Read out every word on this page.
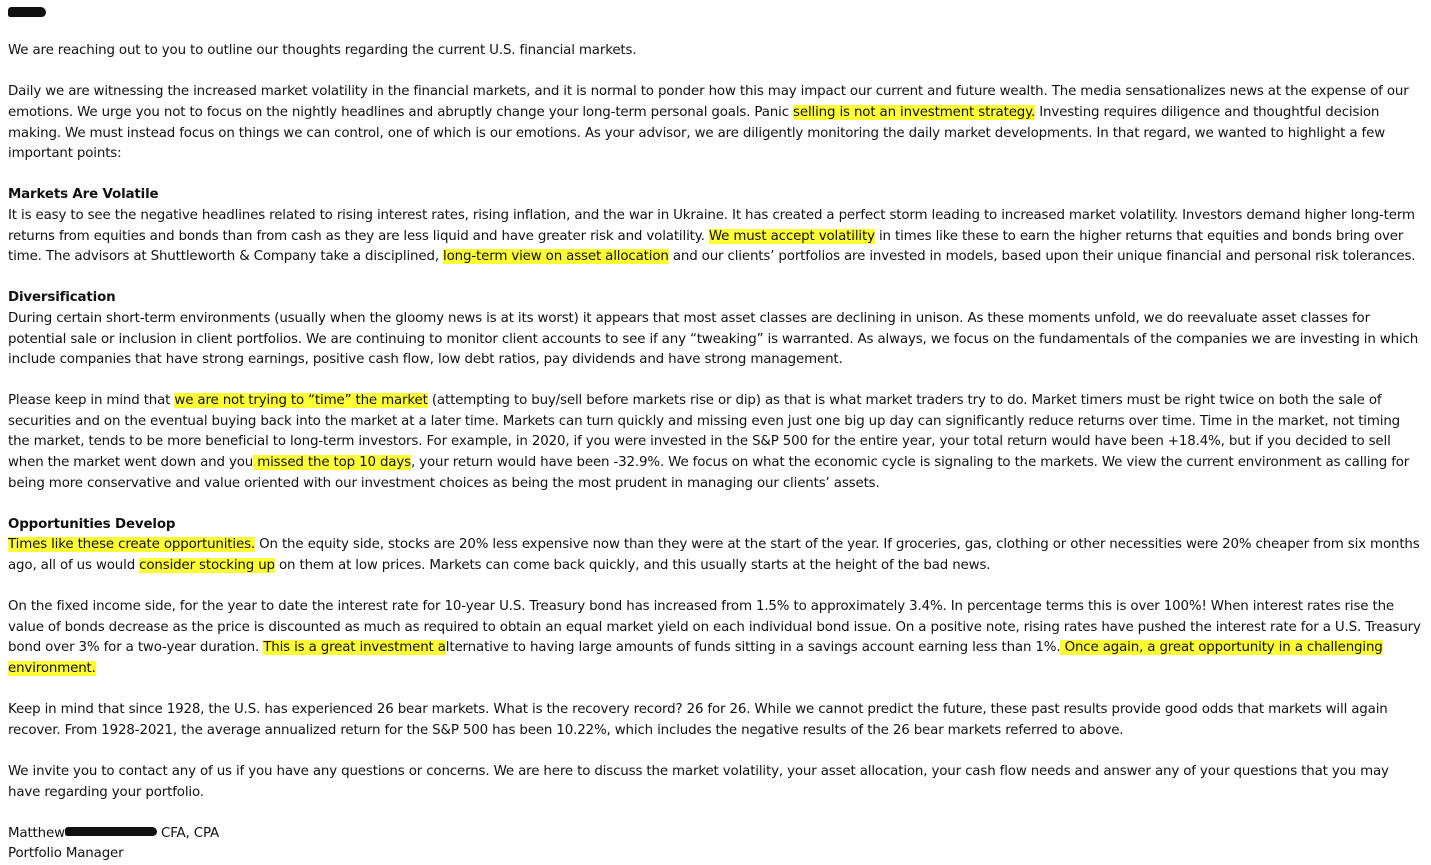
We are reaching out to you to outline our thoughts regarding the current U.S. financial markets.

Daily we are witnessing the increased market volatility in the financial markets, and it is normal to ponder how this may impact our current and future wealth. The media sensationalizes news at the expense of our emotions. We urge you not to focus on the nightly headlines and abruptly change your long-term personal goals. Panic selling is not an investment strategy. Investing requires diligence and thoughtful decision making. We must instead focus on things we can control, one of which is our emotions. As your advisor, we are diligently monitoring the daily market developments. In that regard, we wanted to highlight a few important points:

Markets Are Volatile

It is easy to see the negative headlines related to rising interest rates, rising inflation, and the war in Ukraine. It has created a perfect storm leading to increased market volatility. Investors demand higher long-term returns from equities and bonds than from cash as they are less liquid and have greater risk and volatility. We must accept volatility in times like these to earn the higher returns that equities and bonds bring over time. The advisors at Shuttleworth & Company take a disciplined, long-term view on asset allocation and our clients’ portfolios are invested in models, based upon their unique financial and personal risk tolerances.

Diversification

During certain short-term environments (usually when the gloomy news is at its worst) it appears that most asset classes are declining in unison. As these moments unfold, we do reevaluate asset classes for potential sale or inclusion in client portfolios. We are continuing to monitor client accounts to see if any “tweaking” is warranted. As always, we focus on the fundamentals of the companies we are investing in which include companies that have strong earnings, positive cash flow, low debt ratios, pay dividends and have strong management.

Please keep in mind that we are not trying to “time” the market (attempting to buy/sell before markets rise or dip) as that is what market traders try to do. Market timers must be right twice on both the sale of securities and on the eventual buying back into the market at a later time. Markets can turn quickly and missing even just one big up day can significantly reduce returns over time. Time in the market, not timing the market, tends to be more beneficial to long-term investors. For example, in 2020, if you were invested in the S&P 500 for the entire year, your total return would have been +18.4%, but if you decided to sell when the market went down and you missed the top 10 days, your return would have been -32.9%. We focus on what the economic cycle is signaling to the markets. We view the current environment as calling for being more conservative and value oriented with our investment choices as being the most prudent in managing our clients’ assets.

Opportunities Develop

Times like these create opportunities. On the equity side, stocks are 20% less expensive now than they were at the start of the year. If groceries, gas, clothing or other necessities were 20% cheaper from six months ago, all of us would consider stocking up on them at low prices. Markets can come back quickly, and this usually starts at the height of the bad news.

On the fixed income side, for the year to date the interest rate for 10-year U.S. Treasury bond has increased from 1.5% to approximately 3.4%. In percentage terms this is over 100%! When interest rates rise the value of bonds decrease as the price is discounted as much as required to obtain an equal market yield on each individual bond issue. On a positive note, rising rates have pushed the interest rate for a U.S. Treasury bond over 3% for a two-year duration. This is a great investment alternative to having large amounts of funds sitting in a savings account earning less than 1%. Once again, a great opportunity in a challenging environment.

Keep in mind that since 1928, the U.S. has experienced 26 bear markets. What is the recovery record? 26 for 26. While we cannot predict the future, these past results provide good odds that markets will again recover. From 1928-2021, the average annualized return for the S&P 500 has been 10.22%, which includes the negative results of the 26 bear markets referred to above.

We invite you to contact any of us if you have any questions or concerns. We are here to discuss the market volatility, your asset allocation, your cash flow needs and answer any of your questions that you may have regarding your portfolio.

Matthew	CFA, CPA

Portfolio Manager
